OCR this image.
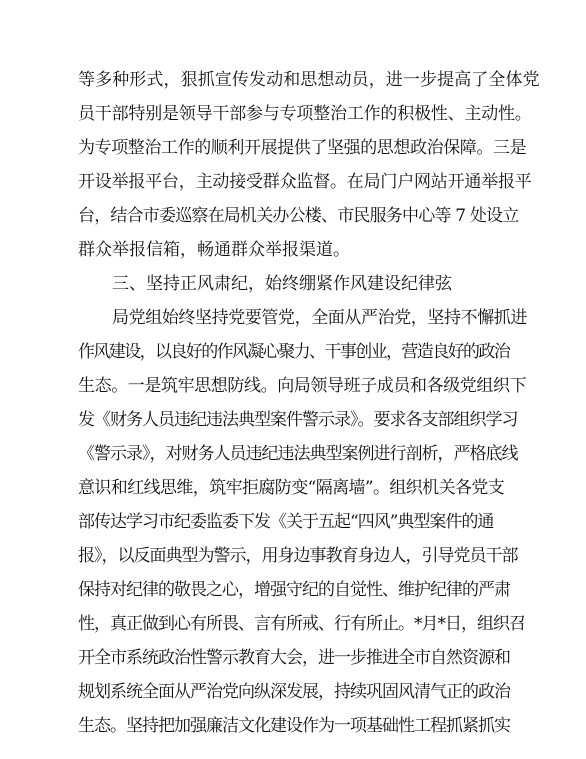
等多种形式，狠抓宣传发动和思想动员，进一步提高了全体党
员干部特别是领导干部参与专项整治工作的积极性、主动性。
为专项整治工作的顺利开展提供了坚强的思想政治保障。三是
开设举报平台，主动接受群众监督。在局门户网站开通举报平
台，结合市委巡察在局机关办公楼、市民服务中心等 7 处设立
群众举报信箱，畅通群众举报渠道。
三、坚持正风肃纪，始终绷紧作风建设纪律弦
局党组始终坚持党要管党，全面从严治党，坚持不懈抓进
作风建设，以良好的作风凝心聚力、干事创业，营造良好的政治
生态。一是筑牢思想防线。向局领导班子成员和各级党组织下
发《财务人员违纪违法典型案件警示录》。要求各支部组织学习
《警示录》，对财务人员违纪违法典型案例进行剖析，严格底线
意识和红线思维，筑牢拒腐防变“隔离墙”。组织机关各党支
部传达学习市纪委监委下发《关于五起“四风”典型案件的通
报》，以反面典型为警示，用身边事教育身边人，引导党员干部
保持对纪律的敬畏之心，增强守纪的自觉性、维护纪律的严肃
性，真正做到心有所畏、言有所戒、行有所止。*月*日，组织召
开全市系统政治性警示教育大会，进一步推进全市自然资源和
规划系统全面从严治党向纵深发展，持续巩固风清气正的政治
生态。坚持把加强廉洁文化建设作为一项基础性工程抓紧抓实
